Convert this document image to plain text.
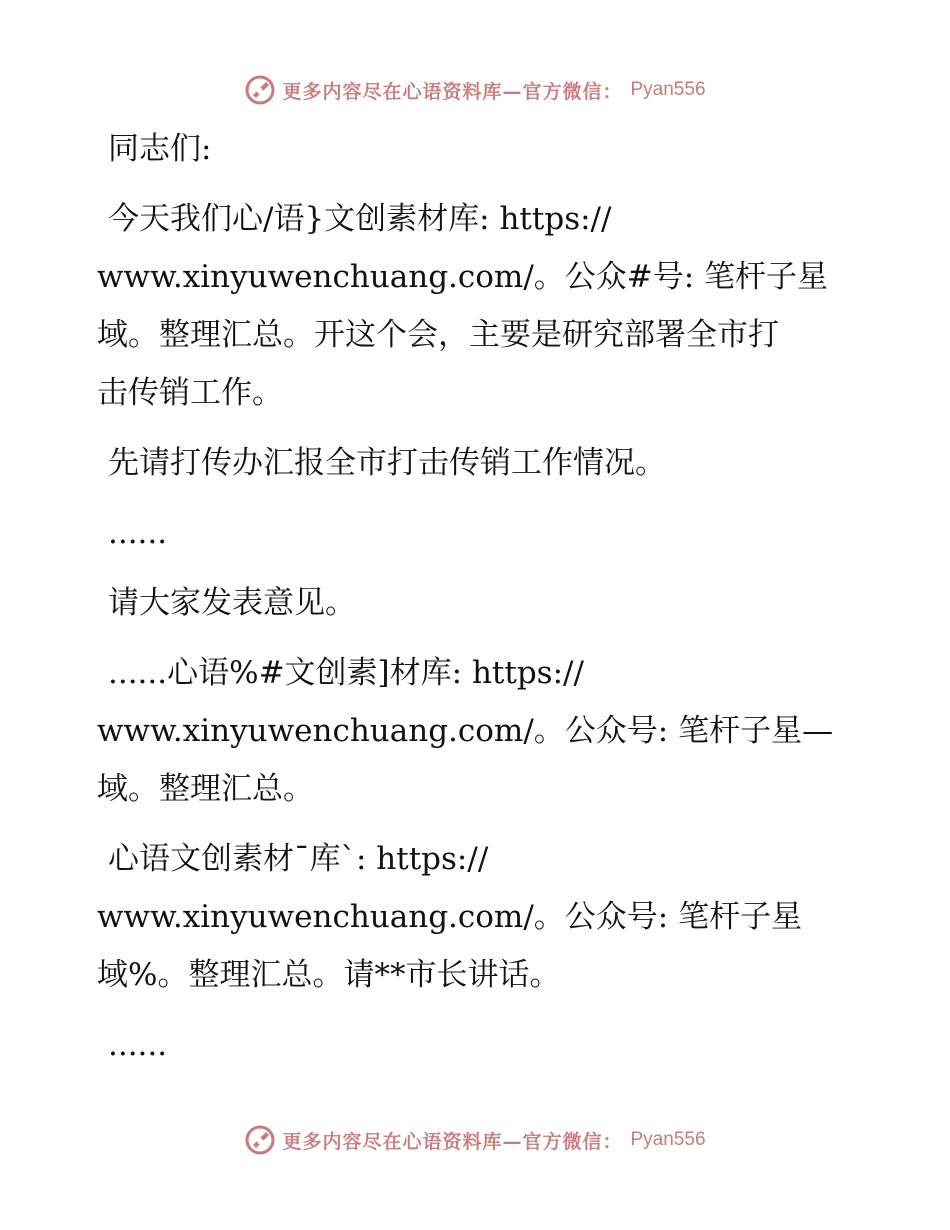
更多内容尽在心语资料库—官方微信： Pyan556

同志们:

今天我们心/语}文创素材库: https://
www.xinyuwenchuang.com/。公众#号: 笔杆子星
域。整理汇总。开这个会，主要是研究部署全市打
击传销工作。

先请打传办汇报全市打击传销工作情况。

......

请大家发表意见。

......心语%#文创素]材库: https://
www.xinyuwenchuang.com/。公众号: 笔杆子星—
域。整理汇总。

心语文创素材¯库`: https://
www.xinyuwenchuang.com/。公众号: 笔杆子星
域%。整理汇总。请**市长讲话。

......

更多内容尽在心语资料库—官方微信： Pyan556
